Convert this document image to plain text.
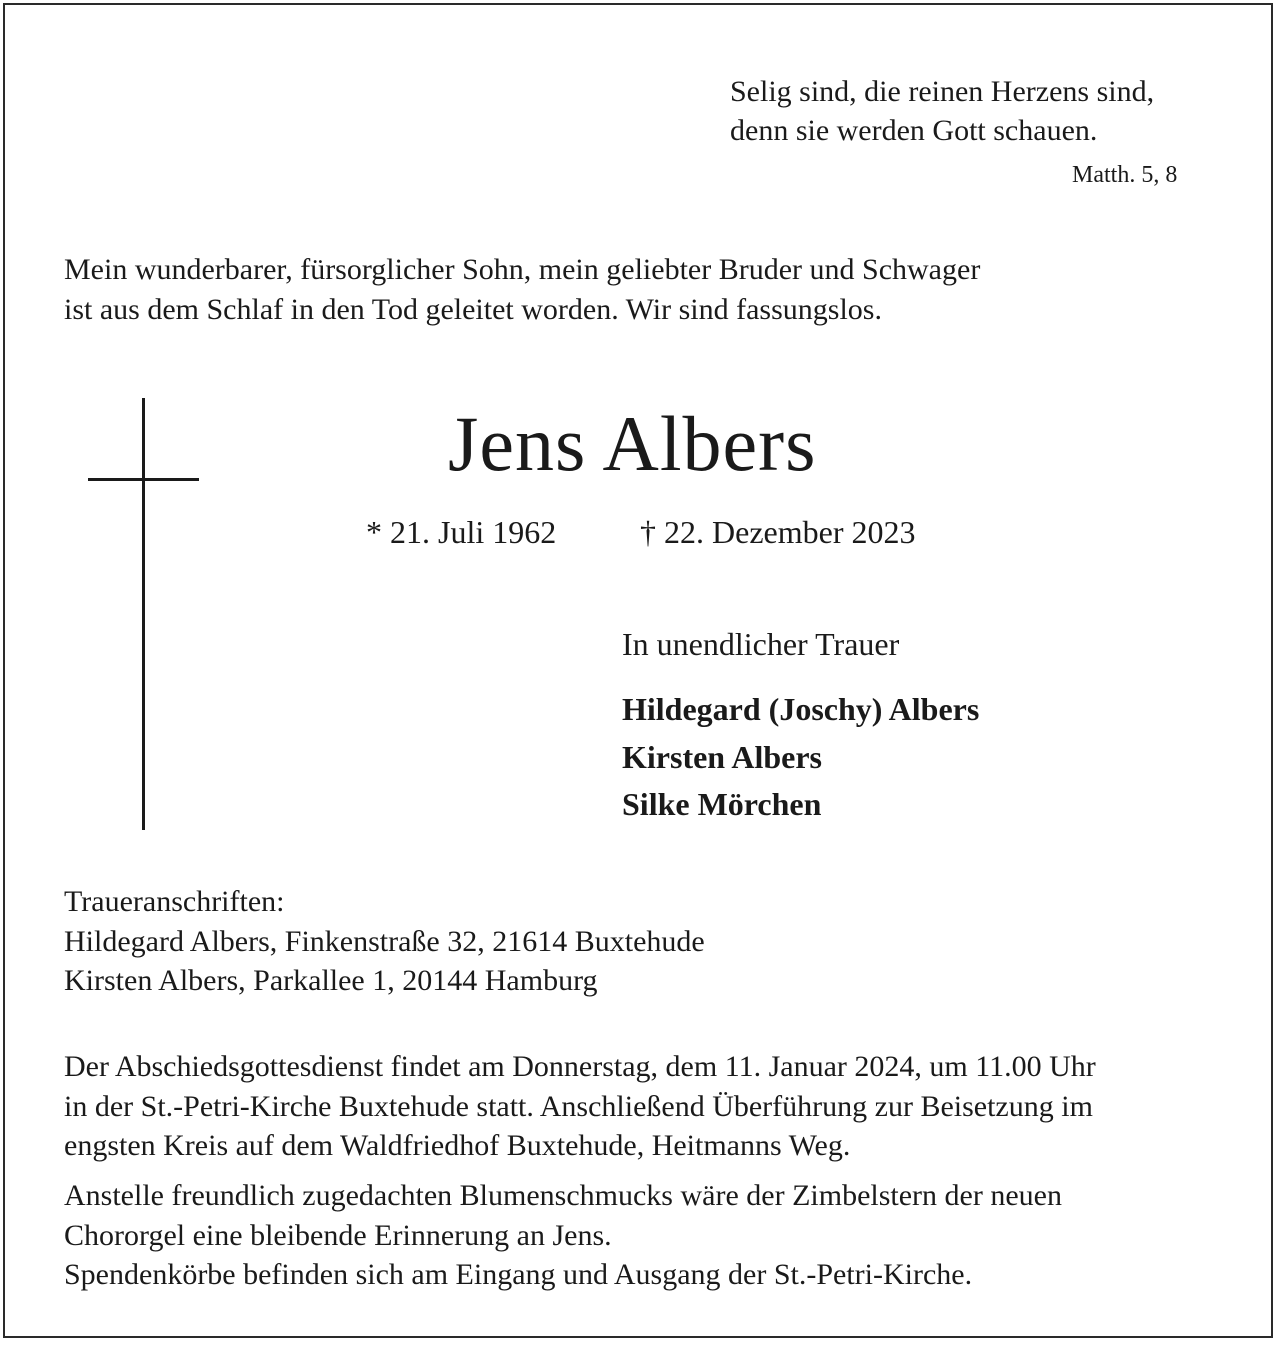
Selig sind, die reinen Herzens sind,
denn sie werden Gott schauen.
Matth. 5, 8
Mein wunderbarer, fürsorglicher Sohn, mein geliebter Bruder und Schwager
ist aus dem Schlaf in den Tod geleitet worden. Wir sind fassungslos.
Jens Albers
* 21. Juli 1962	† 22. Dezember 2023
In unendlicher Trauer
Hildegard (Joschy) Albers
Kirsten Albers
Silke Mörchen
Traueranschriften:
Hildegard Albers, Finkenstraße 32, 21614 Buxtehude
Kirsten Albers, Parkallee 1, 20144 Hamburg
Der Abschiedsgottesdienst findet am Donnerstag, dem 11. Januar 2024, um 11.00 Uhr
in der St.-Petri-Kirche Buxtehude statt. Anschließend Überführung zur Beisetzung im
engsten Kreis auf dem Waldfriedhof Buxtehude, Heitmanns Weg.
Anstelle freundlich zugedachten Blumenschmucks wäre der Zimbelstern der neuen
Chororgel eine bleibende Erinnerung an Jens.
Spendenkörbe befinden sich am Eingang und Ausgang der St.-Petri-Kirche.
